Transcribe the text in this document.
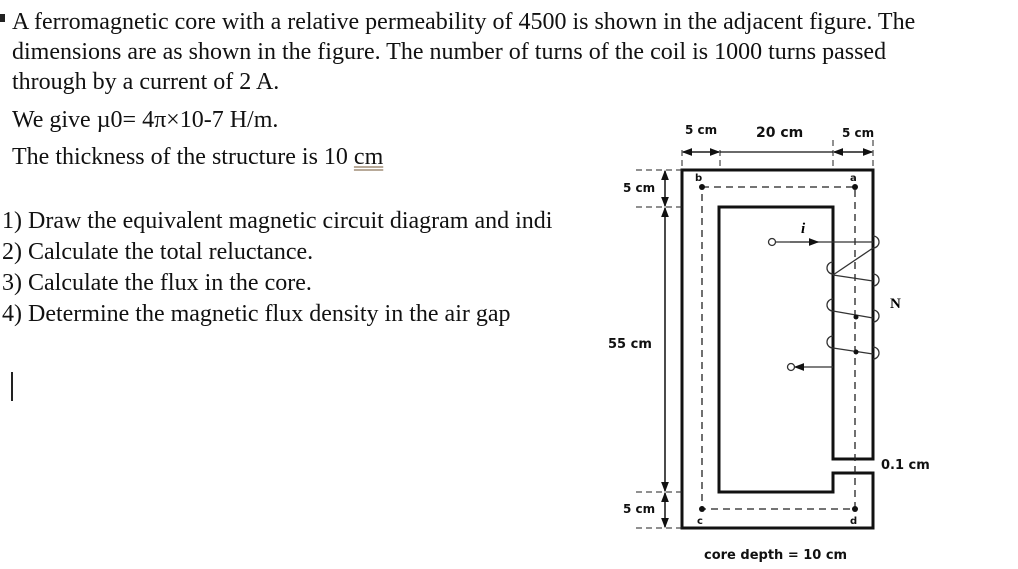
A ferromagnetic core with a relative permeability of 4500 is shown in the adjacent figure. The
dimensions are as shown in the figure. The number of turns of the coil is 1000 turns passed
through by a current of 2 A.
We give µ0= 4π×10-7 H/m.
The thickness of the structure is 10 cm
1) Draw the equivalent magnetic circuit diagram and indi
2) Calculate the total reluctance.
3) Calculate the flux in the core.
4) Determine the magnetic flux density in the air gap
5 cm	20 cm	5 cm
5 cm
55 cm
5 cm
0.1 cm
N
i
b	a
c	d
core depth = 10 cm
